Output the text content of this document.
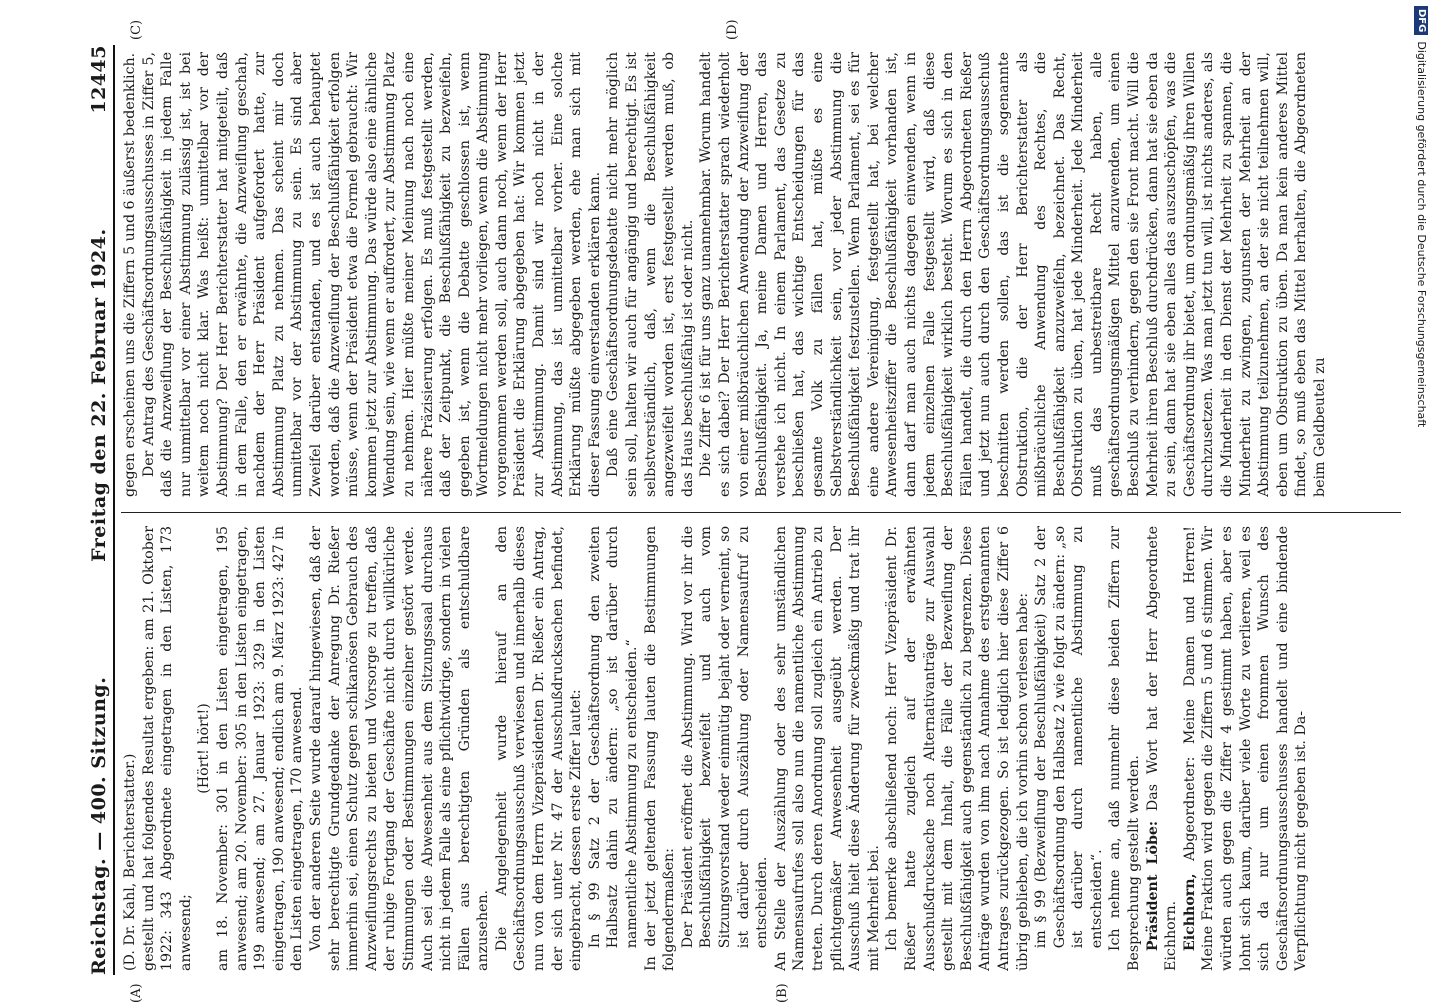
Reichstag. — 400. Sitzung.
Freitag den 22. Februar 1924.
12445
(A)	(B)
(C)	(D)

(D. Dr. Kahl, Berichterstatter.) gestellt und hat folgendes Resultat ergeben: am 21. Oktober 1922: 343 Abgeordnete eingetragen in den Listen, 173 anwesend;

(Hört! hört!) am 18. November: 301 in den Listen eingetragen, 195 anwesend; am 20. November: 305 in den Listen eingetragen, 199 anwesend; am 27. Januar 1923: 329 in den Listen eingetragen, 190 anwesend; endlich am 9. März 1923: 427 in den Listen eingetragen, 170 anwesend. Von der anderen Seite wurde darauf hingewiesen, daß der sehr berechtigte Grundgedanke der Anregung Dr. Rießer immerhin sei, einen Schutz gegen schikanösen Gebrauch des Anzweiflungsrechts zu bieten und Vorsorge zu treffen, daß der ruhige Fortgang der Geschäfte nicht durch willkürliche Stimmungen oder Bestimmungen einzelner gestört werde. Auch sei die Abwesenheit aus dem Sitzungssaal durchaus nicht in jedem Falle als eine pflichtwidrige, sondern in vielen Fällen aus berechtigten Gründen als entschuldbare anzusehen. Die Angelegenheit wurde hierauf an den Geschäftsordnungsausschuß verwiesen und innerhalb dieses nun von dem Herrn Vizepräsidenten Dr. Rießer ein Antrag, der sich unter Nr. 47 der Ausschußdrucksachen befindet, eingebracht, dessen erste Ziffer lautet: In § 99 Satz 2 der Geschäftsordnung den zweiten Halbsatz dahin zu ändern: „so ist darüber durch namentliche Abstimmung zu entscheiden.“ In der jetzt geltenden Fassung lauten die Bestimmungen folgendermaßen: Der Präsident eröffnet die Abstimmung. Wird vor ihr die Beschlußfähigkeit bezweifelt und auch vom Sitzungsvorstand weder einmütig bejaht oder verneint, so ist darüber durch Auszählung oder Namensaufruf zu entscheiden. An Stelle der Auszählung oder des sehr umständlichen Namensaufrufes soll also nun die namentliche Abstimmung treten. Durch deren Anordnung soll zugleich ein Antrieb zu pflichtgemäßer Anwesenheit ausgeübt werden. Der Ausschuß hielt diese Änderung für zweckmäßig und trat ihr mit Mehrheit bei. Ich bemerke abschließend noch: Herr Vizepräsident Dr. Rießer hatte zugleich auf der erwähnten Ausschußdrucksache noch Alternativanträge zur Auswahl gestellt mit dem Inhalt, die Fälle der Bezweiflung der Beschlußfähigkeit auch gegenständlich zu begrenzen. Diese Anträge wurden von ihm nach Annahme des erstgenannten Antrages zurückgezogen. So ist lediglich hier diese Ziffer 6 übrig geblieben, die ich vorhin schon verlesen habe: im § 99 (Bezweiflung der Beschlußfähigkeit) Satz 2 der Geschäftsordnung den Halbsatz 2 wie folgt zu ändern: „so ist darüber durch namentliche Abstimmung zu entscheiden“. Ich nehme an, daß nunmehr diese beiden Ziffern zur Besprechung gestellt werden. Präsident Löbe: Das Wort hat der Herr Abgeordnete Eichhorn. Eichhorn, Abgeordneter: Meine Damen und Herren! Meine Fraktion wird gegen die Ziffern 5 und 6 stimmen. Wir würden auch gegen die Ziffer 4 gestimmt haben, aber es lohnt sich kaum, darüber viele Worte zu verlieren, weil es sich da nur um einen frommen Wunsch des Geschäftsordnungsausschusses handelt und eine bindende Verpflichtung nicht gegeben ist. Da-

gegen erscheinen uns die Ziffern 5 und 6 äußerst bedenklich. Der Antrag des Geschäftsordnungsausschusses in Ziffer 5, daß die Anzweiflung der Beschlußfähigkeit in jedem Falle nur unmittelbar vor einer Abstimmung zulässig ist, ist bei weitem noch nicht klar. Was heißt: unmittelbar vor der Abstimmung? Der Herr Berichterstatter hat mitgeteilt, daß in dem Falle, den er erwähnte, die Anzweiflung geschah, nachdem der Herr Präsident aufgefordert hatte, zur Abstimmung Platz zu nehmen. Das scheint mir doch unmittelbar vor der Abstimmung zu sein. Es sind aber Zweifel darüber entstanden, und es ist auch behauptet worden, daß die Anzweiflung der Beschlußfähigkeit erfolgen müsse, wenn der Präsident etwa die Formel gebraucht: Wir kommen jetzt zur Abstimmung. Das würde also eine ähnliche Wendung sein, wie wenn er auffordert, zur Abstimmung Platz zu nehmen. Hier müßte meiner Meinung nach noch eine nähere Präzisierung erfolgen. Es muß festgestellt werden, daß der Zeitpunkt, die Beschlußfähigkeit zu bezweifeln, gegeben ist, wenn die Debatte geschlossen ist, wenn Wortmeldungen nicht mehr vorliegen, wenn die Abstimmung vorgenommen werden soll, auch dann noch, wenn der Herr Präsident die Erklärung abgegeben hat: Wir kommen jetzt zur Abstimmung. Damit sind wir noch nicht in der Abstimmung, das ist unmittelbar vorher. Eine solche Erklärung müßte abgegeben werden, ehe man sich mit dieser Fassung einverstanden erklären kann. Daß eine Geschäftsordnungsdebatte nicht mehr möglich sein soll, halten wir auch für angängig und berechtigt. Es ist selbstverständlich, daß, wenn die Beschlußfähigkeit angezweifelt worden ist, erst festgestellt werden muß, ob das Haus beschlußfähig ist oder nicht. Die Ziffer 6 ist für uns ganz unannehmbar. Worum handelt es sich dabei? Der Herr Berichterstatter sprach wiederholt von einer mißbräuchlichen Anwendung der Anzweiflung der Beschlußfähigkeit. Ja, meine Damen und Herren, das verstehe ich nicht. In einem Parlament, das Gesetze zu beschließen hat, das wichtige Entscheidungen für das gesamte Volk zu fällen hat, müßte es eine Selbstverständlichkeit sein, vor jeder Abstimmung die Beschlußfähigkeit festzustellen. Wenn Parlament, sei es für eine andere Vereinigung, festgestellt hat, bei welcher Anwesenheitsziffer die Beschlußfähigkeit vorhanden ist, dann darf man auch nichts dagegen einwenden, wenn in jedem einzelnen Falle festgestellt wird, daß diese Beschlußfähigkeit wirklich besteht. Worum es sich in den Fällen handelt, die durch den Herrn Abgeordneten Rießer und jetzt nun auch durch den Geschäftsordnungsausschuß beschnitten werden sollen, das ist die sogenannte Obstruktion, die der Herr Berichterstatter als mißbräuchliche Anwendung des Rechtes, die Beschlußfähigkeit anzuzweifeln, bezeichnet. Das Recht, Obstruktion zu üben, hat jede Minderheit. Jede Minderheit muß das unbestreitbare Recht haben, alle geschäftsordnungsmäßigen Mittel anzuwenden, um einen Beschluß zu verhindern, gegen den sie Front macht. Will die Mehrheit ihren Beschluß durchdrücken, dann hat sie eben da zu sein, dann hat sie eben alles das auszuschöpfen, was die Geschäftsordnung ihr bietet, um ordnungsmäßig ihren Willen durchzusetzen. Was man jetzt tun will, ist nichts anderes, als die Minderheit in den Dienst der Mehrheit zu spannen, die Minderheit zu zwingen, zugunsten der Mehrheit an der Abstimmung teilzunehmen, an der sie nicht teilnehmen will, eben um Obstruktion zu üben. Da man kein anderes Mittel findet, so muß eben das Mittel herhalten, die Abgeordneten beim Geldbeutel zu

DFG
Digitalisierung gefördert durch die Deutsche Forschungsgemeinschaft
